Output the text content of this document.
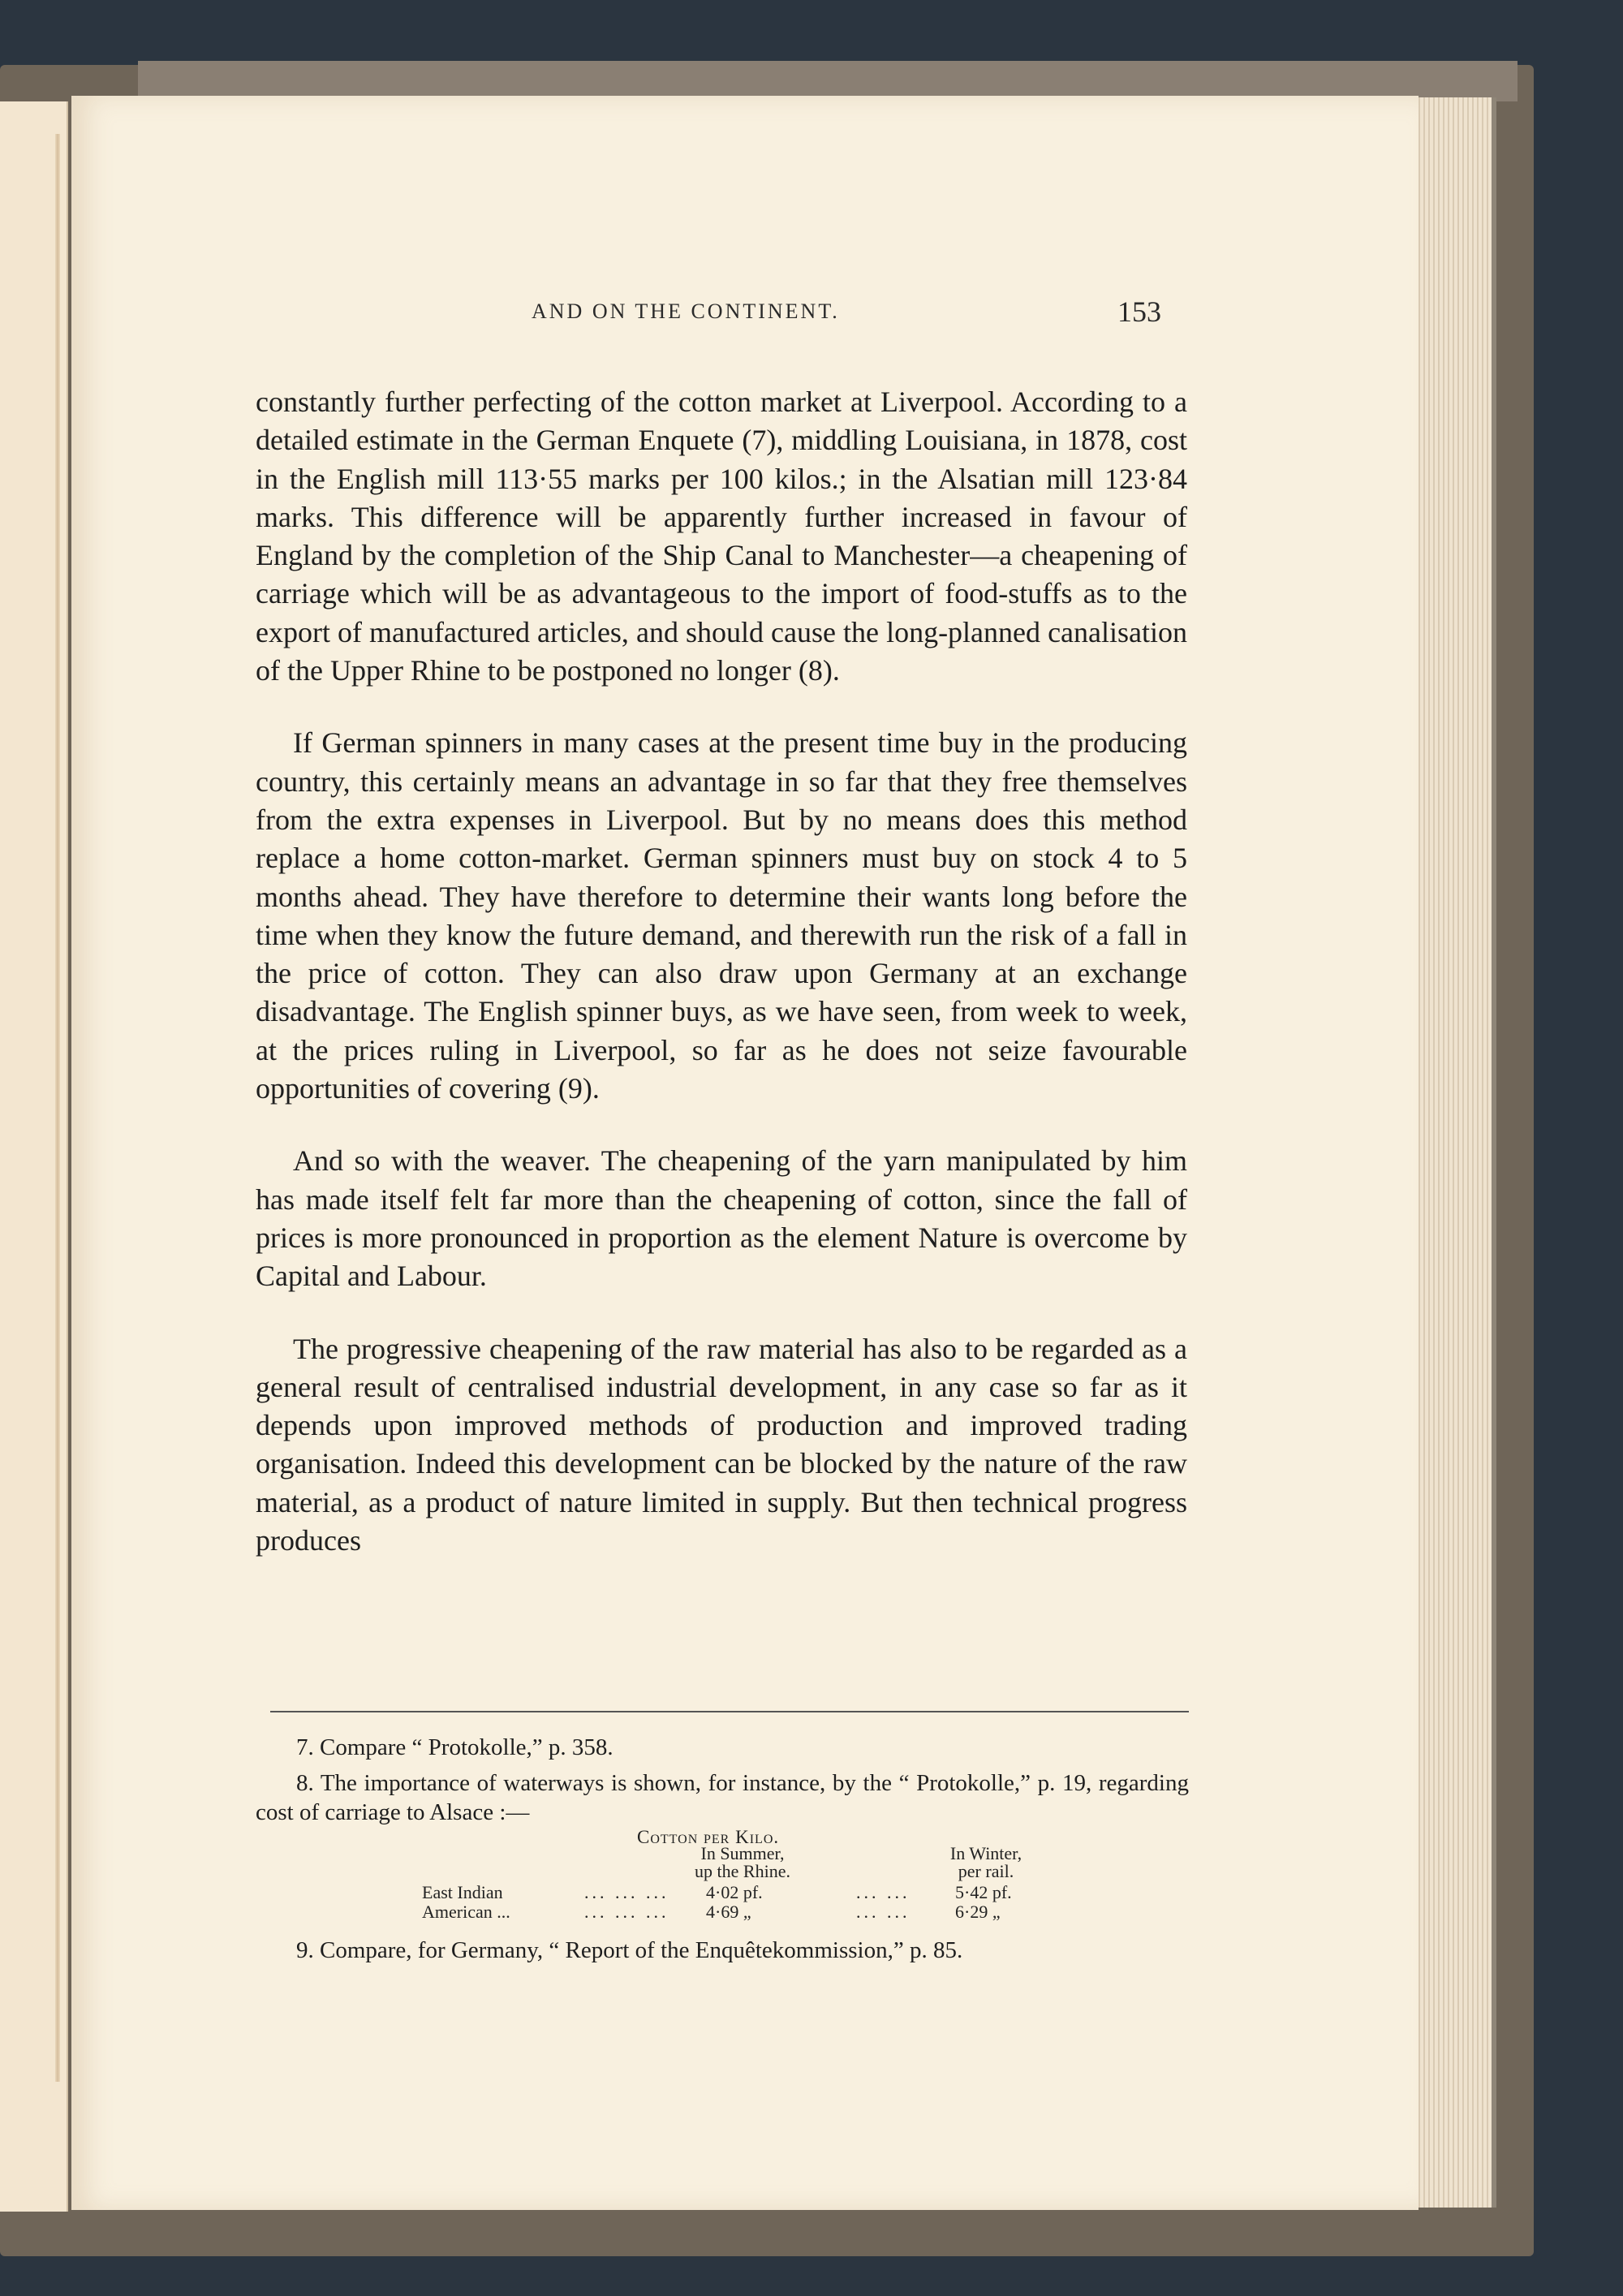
AND ON THE CONTINENT.	153

constantly further perfecting of the cotton market at Liverpool. According to a detailed estimate in the German Enquete (7), middling Louisiana, in 1878, cost in the English mill 113·55 marks per 100 kilos.; in the Alsatian mill 123·84 marks. This difference will be apparently further increased in favour of England by the completion of the Ship Canal to Manchester—a cheapening of carriage which will be as advantageous to the import of food-stuffs as to the export of manufactured articles, and should cause the long-planned canalisation of the Upper Rhine to be postponed no longer (8).

If German spinners in many cases at the present time buy in the producing country, this certainly means an advantage in so far that they free themselves from the extra expenses in Liverpool. But by no means does this method replace a home cotton-market. German spinners must buy on stock 4 to 5 months ahead. They have therefore to determine their wants long before the time when they know the future demand, and therewith run the risk of a fall in the price of cotton. They can also draw upon Germany at an exchange disadvantage. The English spinner buys, as we have seen, from week to week, at the prices ruling in Liverpool, so far as he does not seize favourable opportunities of covering (9).

And so with the weaver. The cheapening of the yarn manipulated by him has made itself felt far more than the cheapening of cotton, since the fall of prices is more pronounced in proportion as the element Nature is overcome by Capital and Labour.

The progressive cheapening of the raw material has also to be regarded as a general result of centralised industrial development, in any case so far as it depends upon improved methods of production and improved trading organisation. Indeed this development can be blocked by the nature of the raw material, as a product of nature limited in supply. But then technical progress produces

7. Compare “ Protokolle,” p. 358.

8. The importance of waterways is shown, for instance, by the “ Protokolle,” p. 19, regarding cost of carriage to Alsace :—

Cotton per Kilo.
In Summer,
up the Rhine.
In Winter,
per rail.
East Indian	... ... ... 4·02 pf.	... ...	5·42 pf.
American ...	... ... ... 4·69 „	... ...	6·29 „

9. Compare, for Germany, “ Report of the Enquêtekommission,” p. 85.
